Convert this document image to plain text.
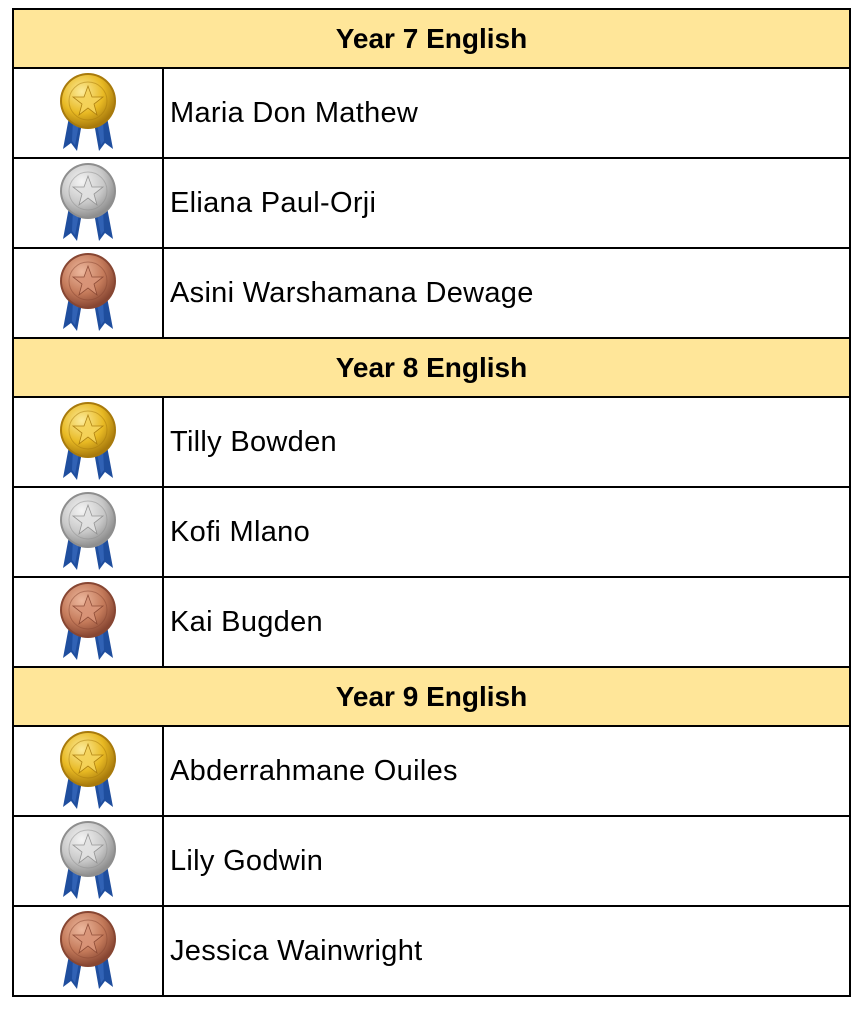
Year 7 English	

	Maria Don Mathew

	Eliana Paul-Orji

	Asini Warshamana Dewage
Year 8 English	

	Tilly Bowden

	Kofi Mlano

	Kai Bugden
Year 9 English	

	Abderrahmane Ouiles

	Lily Godwin

	Jessica Wainwright
